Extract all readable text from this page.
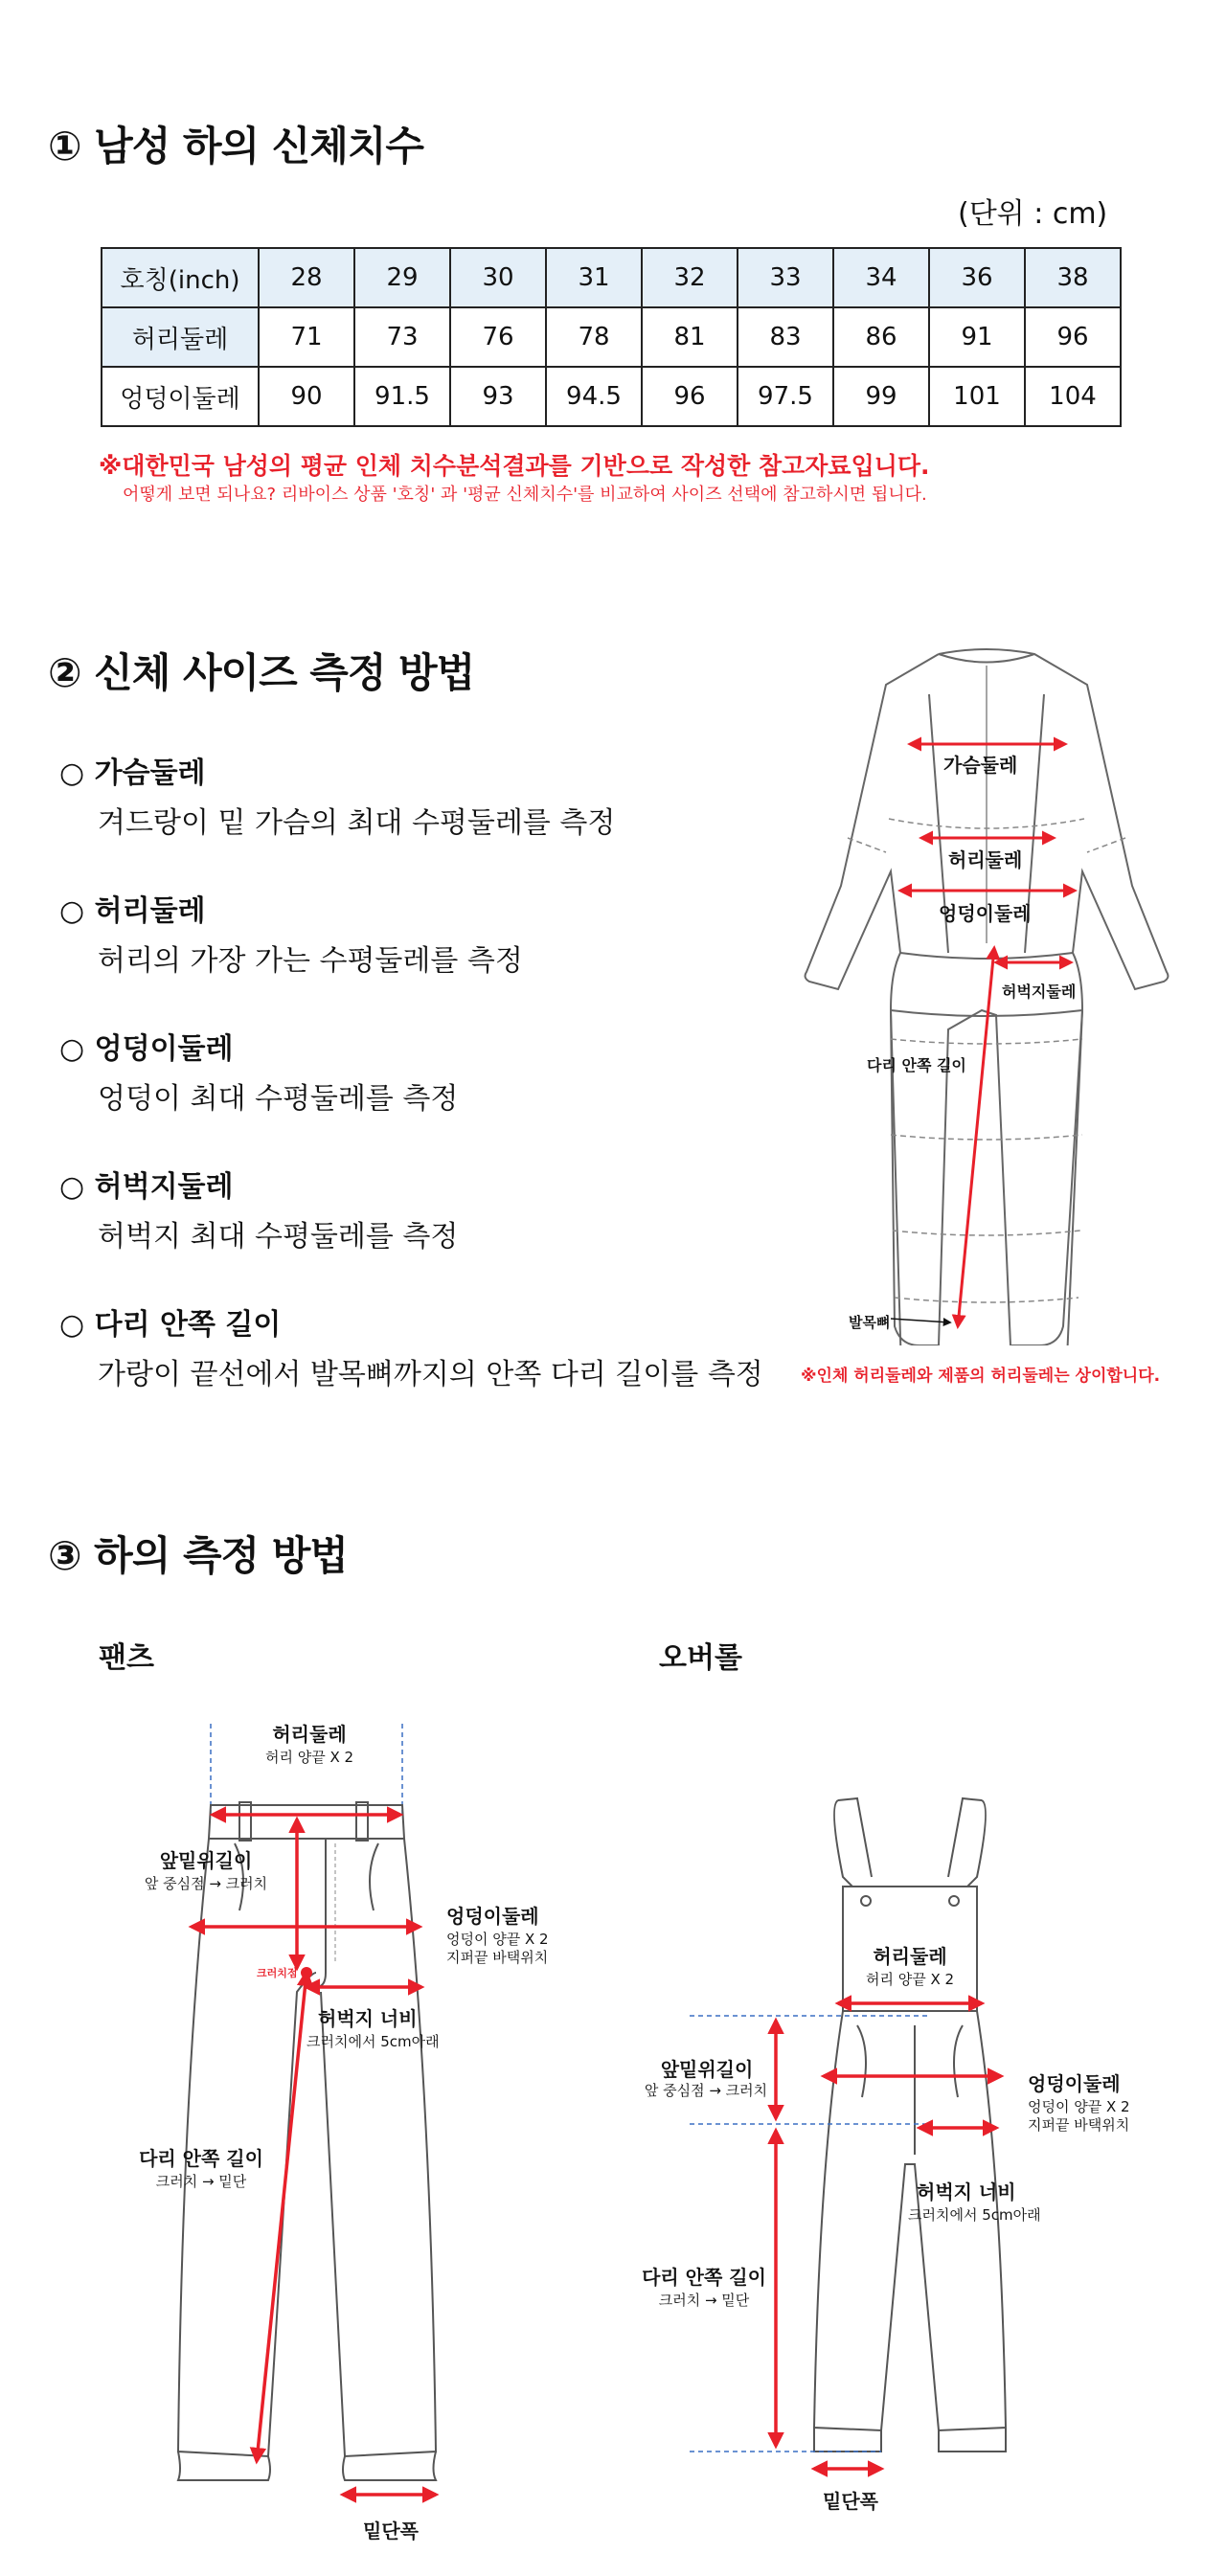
① 남성 하의 신체치수
(단위 : cm)
호칭(inch)	28	29	30	31	32	33	34	36	38
허리둘레	71	73	76	78	81	83	86	91	96
엉덩이둘레	90	91.5	93	94.5	96	97.5	99	101	104
※대한민국 남성의 평균 인체 치수분석결과를 기반으로 작성한 참고자료입니다.
어떻게 보면 되나요? 리바이스 상품 '호칭' 과 '평균 신체치수'를 비교하여 사이즈 선택에 참고하시면 됩니다.
② 신체 사이즈 측정 방법
○ 가슴둘레
겨드랑이 밑 가슴의 최대 수평둘레를 측정
○ 허리둘레
허리의 가장 가는 수평둘레를 측정
○ 엉덩이둘레
엉덩이 최대 수평둘레를 측정
○ 허벅지둘레
허벅지 최대 수평둘레를 측정
○ 다리 안쪽 길이
가랑이 끝선에서 발목뼈까지의 안쪽 다리 길이를 측정
가슴둘레
허리둘레
엉덩이둘레
허벅지둘레
다리 안쪽 길이
발목뼈
※인체 허리둘레와 제품의 허리둘레는 상이합니다.
③ 하의 측정 방법
팬츠	오버롤
허리둘레
허리 양끝 X 2
앞밑위길이
앞 중심점 → 크러치
크러치점
엉덩이둘레
엉덩이 양끝 X 2
지퍼끝 바택위치
허벅지 너비
크러치에서 5cm아래
다리 안쪽 길이
크러치 → 밑단
밑단폭
허리둘레
허리 양끝 X 2
앞밑위길이
앞 중심점 → 크러치	엉덩이둘레
엉덩이 양끝 X 2
지퍼끝 바택위치
허벅지 너비
크러치에서 5cm아래
다리 안쪽 길이
크러치 → 밑단
밑단폭
